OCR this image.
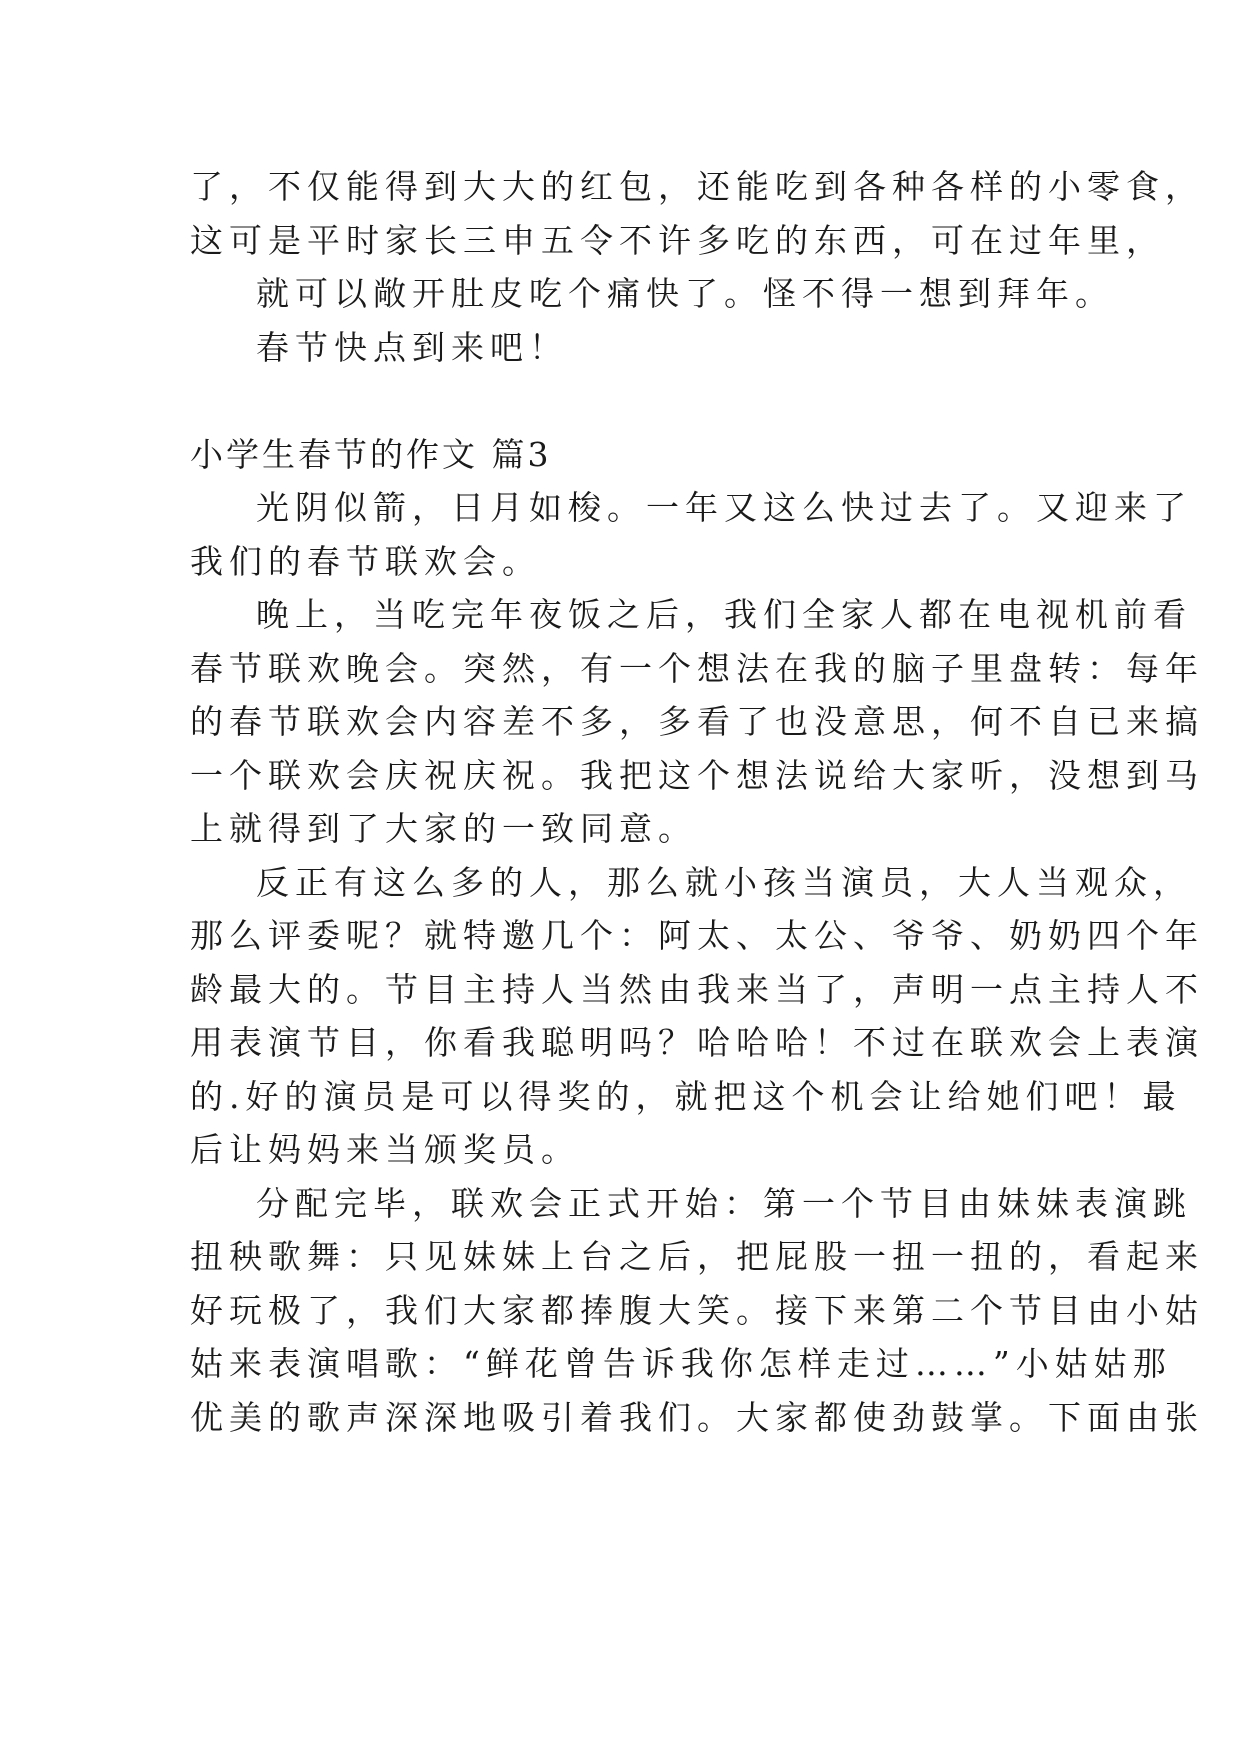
了，不仅能得到大大的红包，还能吃到各种各样的小零食，
这可是平时家长三申五令不许多吃的东西，可在过年里，
就可以敞开肚皮吃个痛快了。怪不得一想到拜年。
春节快点到来吧！
小学生春节的作文 篇3
光阴似箭，日月如梭。一年又这么快过去了。又迎来了
我们的春节联欢会。
晚上，当吃完年夜饭之后，我们全家人都在电视机前看
春节联欢晚会。突然，有一个想法在我的脑子里盘转：每年
的春节联欢会内容差不多，多看了也没意思，何不自已来搞
一个联欢会庆祝庆祝。我把这个想法说给大家听，没想到马
上就得到了大家的一致同意。
反正有这么多的人，那么就小孩当演员，大人当观众，
那么评委呢？就特邀几个：阿太、太公、爷爷、奶奶四个年
龄最大的。节目主持人当然由我来当了，声明一点主持人不
用表演节目，你看我聪明吗？哈哈哈！不过在联欢会上表演
的.好的演员是可以得奖的，就把这个机会让给她们吧！最
后让妈妈来当颁奖员。
分配完毕，联欢会正式开始：第一个节目由妹妹表演跳
扭秧歌舞：只见妹妹上台之后，把屁股一扭一扭的，看起来
好玩极了，我们大家都捧腹大笑。接下来第二个节目由小姑
姑来表演唱歌：“鲜花曾告诉我你怎样走过……”小姑姑那
优美的歌声深深地吸引着我们。大家都使劲鼓掌。下面由张
